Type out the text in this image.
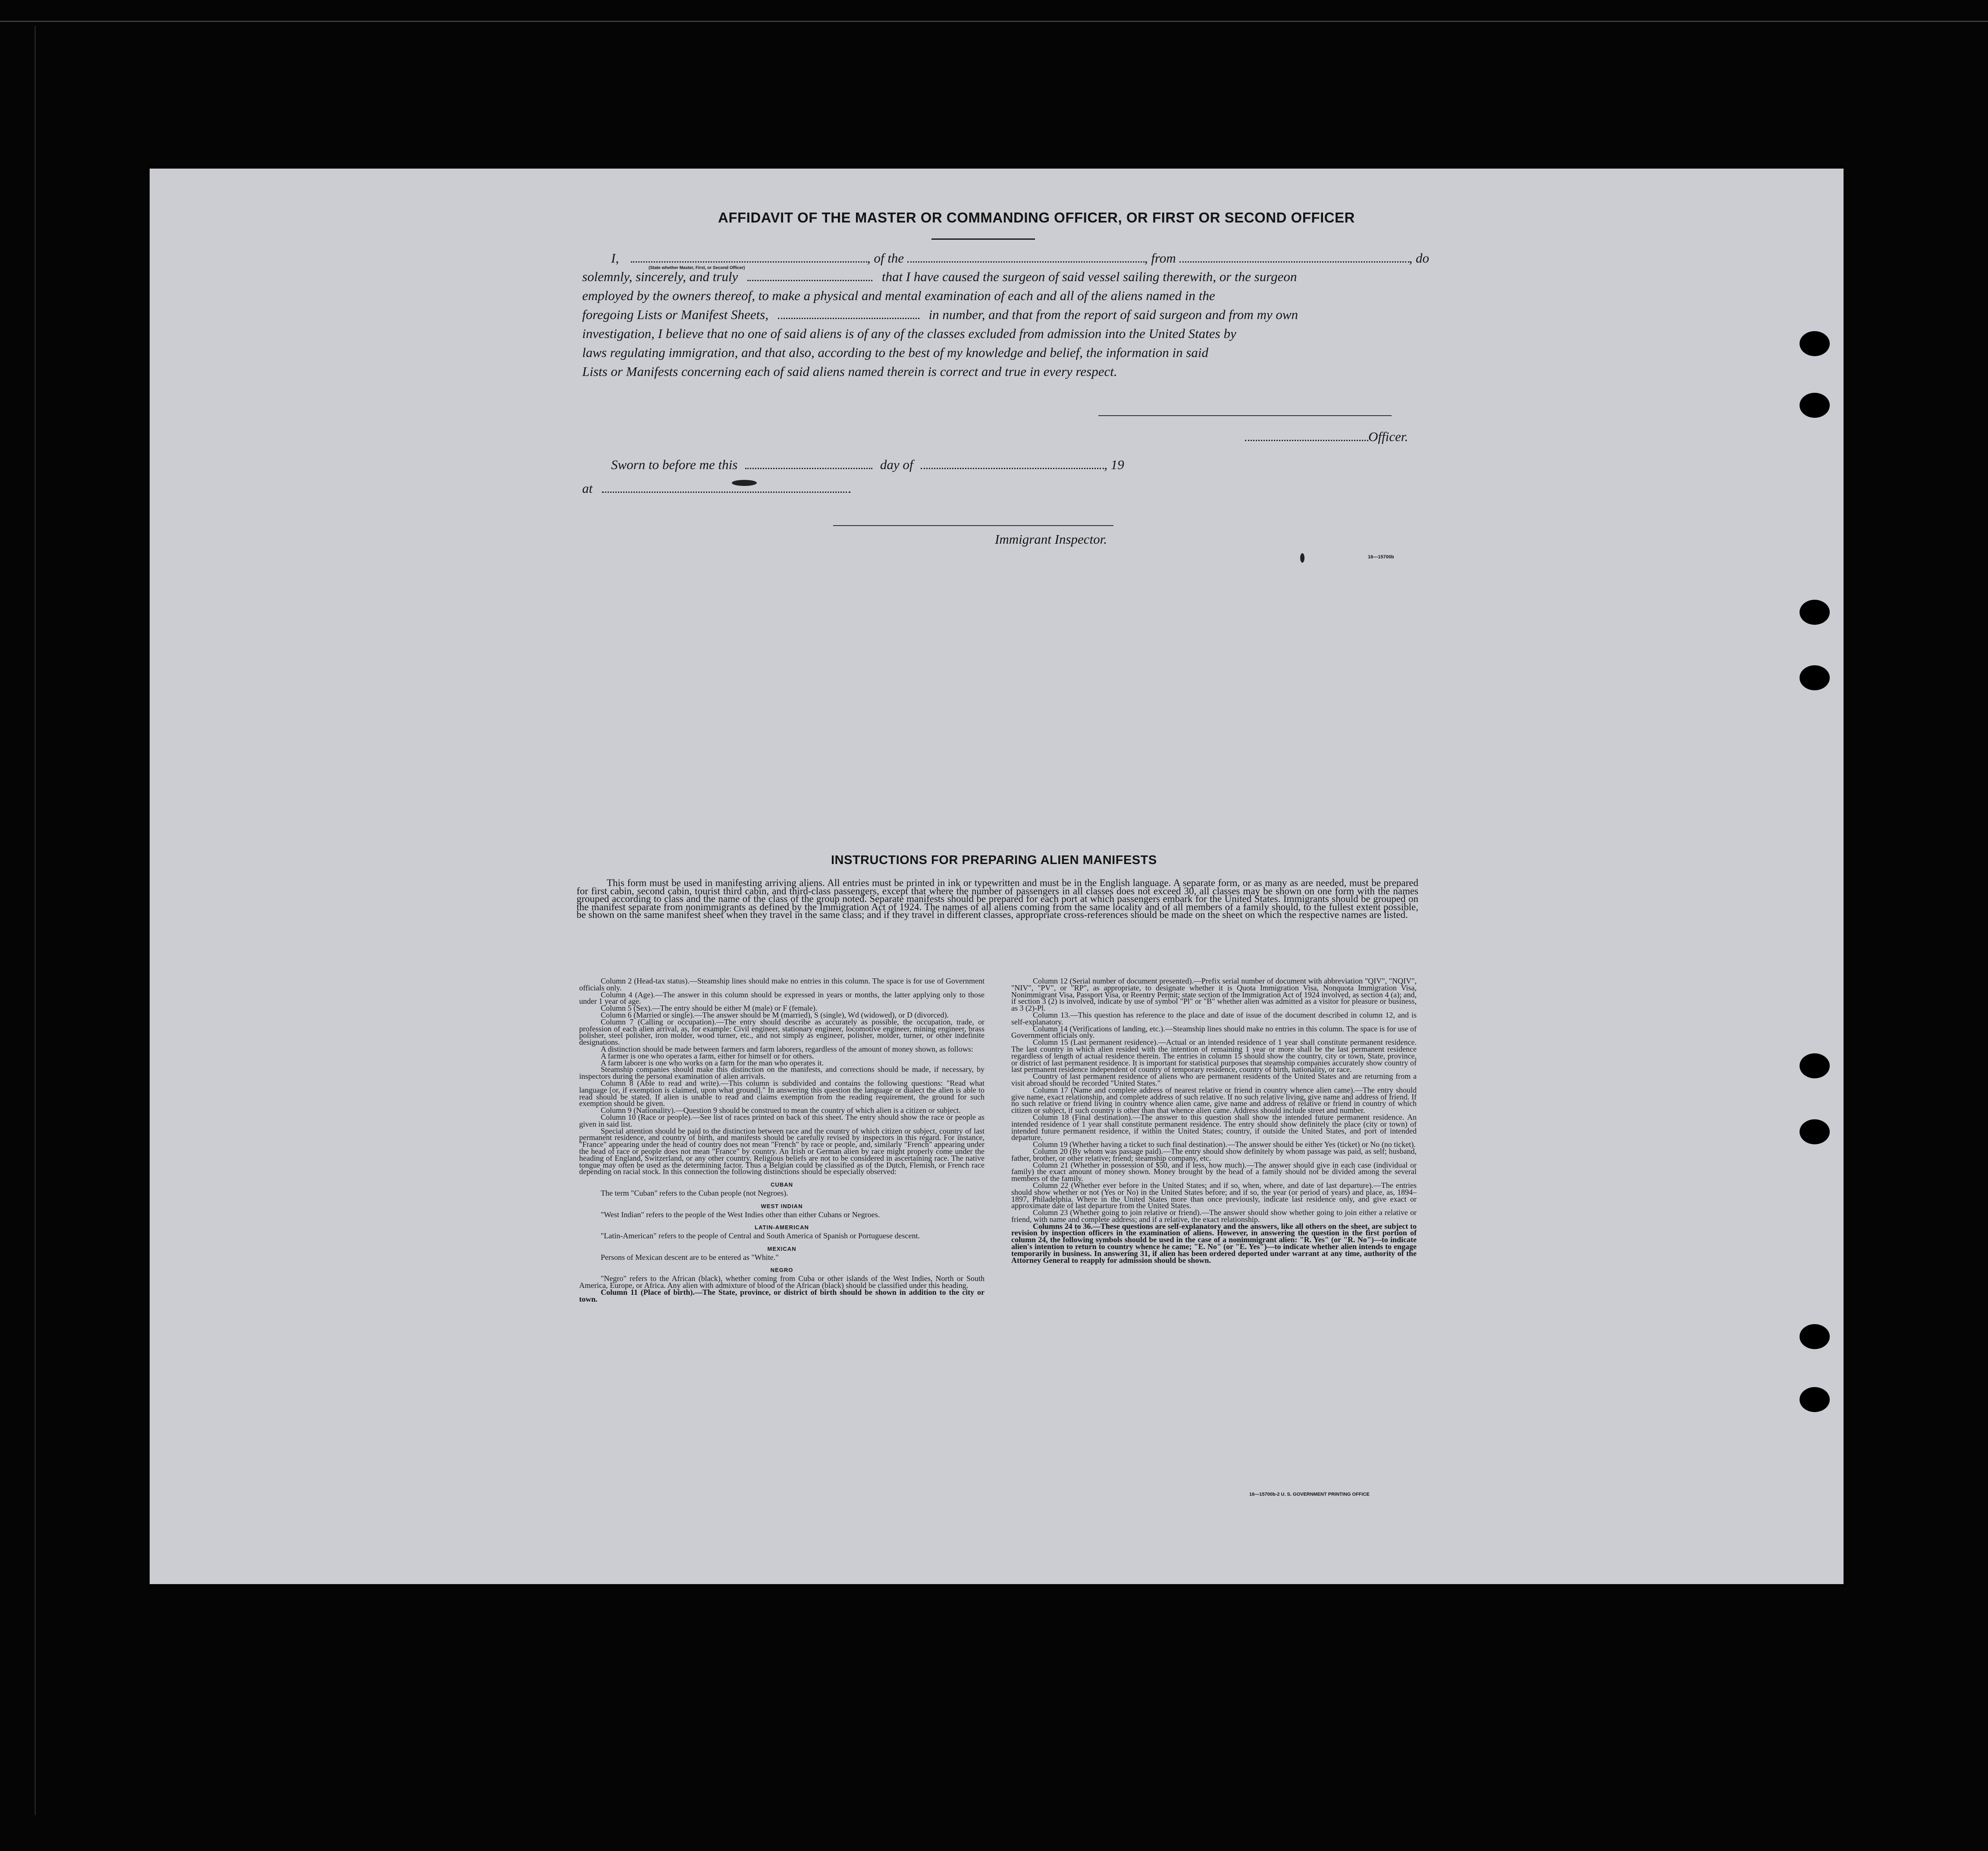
AFFIDAVIT OF THE MASTER OR COMMANDING OFFICER, OR FIRST OR SECOND OFFICER
I,	, of the	, from	, do
(State whether Master, First, or Second Officer)
solemnly, sincerely, and truly	that I have caused the surgeon of said vessel sailing therewith, or the surgeon
employed by the owners thereof, to make a physical and mental examination of each and all of the aliens named in the
foregoing Lists or Manifest Sheets,	in number, and that from the report of said surgeon and from my own
investigation, I believe that no one of said aliens is of any of the classes excluded from admission into the United States by
laws regulating immigration, and that also, according to the best of my knowledge and belief, the information in said
Lists or Manifests concerning each of said aliens named therein is correct and true in every respect.
Officer.
Sworn to before me this	day of	, 19
at
Immigrant Inspector.
16—15700b
INSTRUCTIONS FOR PREPARING ALIEN MANIFESTS

This form must be used in manifesting arriving aliens. All entries must be printed in ink or typewritten and must be in the English language. A separate form, or as many as are needed, must be prepared for first cabin, second cabin, tourist third cabin, and third-class passengers, except that where the number of passengers in all classes does not exceed 30, all classes may be shown on one form with the names grouped according to class and the name of the class of the group noted. Separate manifests should be prepared for each port at which passengers embark for the United States. Immigrants should be grouped on the manifest separate from nonimmigrants as defined by the Immigration Act of 1924. The names of all aliens coming from the same locality and of all members of a family should, to the fullest extent possible, be shown on the same manifest sheet when they travel in the same class; and if they travel in different classes, appropriate cross-references should be made on the sheet on which the respective names are listed.

Column 2 (Head-tax status).—Steamship lines should make no entries in this column. The space is for use of Government officials only.

Column 4 (Age).—The answer in this column should be expressed in years or months, the latter applying only to those under 1 year of age.

Column 5 (Sex).—The entry should be either M (male) or F (female).

Column 6 (Married or single).—The answer should be M (married), S (single), Wd (widowed), or D (divorced).

Column 7 (Calling or occupation).—The entry should describe as accurately as possible, the occupation, trade, or profession of each alien arrival, as, for example: Civil engineer, stationary engineer, locomotive engineer, mining engineer, brass polisher, steel polisher, iron molder, wood turner, etc., and not simply as engineer, polisher, molder, turner, or other indefinite designations.

A distinction should be made between farmers and farm laborers, regardless of the amount of money shown, as follows:

A farmer is one who operates a farm, either for himself or for others.

A farm laborer is one who works on a farm for the man who operates it.

Steamship companies should make this distinction on the manifests, and corrections should be made, if necessary, by inspectors during the personal examination of alien arrivals.

Column 8 (Able to read and write).—This column is subdivided and contains the following questions: "Read what language [or, if exemption is claimed, upon what ground]." In answering this question the language or dialect the alien is able to read should be stated. If alien is unable to read and claims exemption from the reading requirement, the ground for such exemption should be given.

Column 9 (Nationality).—Question 9 should be construed to mean the country of which alien is a citizen or subject.

Column 10 (Race or people).—See list of races printed on back of this sheet. The entry should show the race or people as given in said list.

Special attention should be paid to the distinction between race and the country of which citizen or subject, country of last permanent residence, and country of birth, and manifests should be carefully revised by inspectors in this regard. For instance, "France" appearing under the head of country does not mean "French" by race or people, and, similarly "French" appearing under the head of race or people does not mean "France" by country. An Irish or German alien by race might properly come under the heading of England, Switzerland, or any other country. Religious beliefs are not to be considered in ascertaining race. The native tongue may often be used as the determining factor. Thus a Belgian could be classified as of the Dutch, Flemish, or French race depending on racial stock. In this connection the following distinctions should be especially observed:

CUBAN

The term "Cuban" refers to the Cuban people (not Negroes).

WEST INDIAN

"West Indian" refers to the people of the West Indies other than either Cubans or Negroes.

LATIN-AMERICAN

"Latin-American" refers to the people of Central and South America of Spanish or Portuguese descent.

MEXICAN

Persons of Mexican descent are to be entered as "White."

NEGRO

"Negro" refers to the African (black), whether coming from Cuba or other islands of the West Indies, North or South America, Europe, or Africa. Any alien with admixture of blood of the African (black) should be classified under this heading.

Column 11 (Place of birth).—The State, province, or district of birth should be shown in addition to the city or town.

Column 12 (Serial number of document presented).—Prefix serial number of document with abbreviation "QIV", "NQIV", "NIV", "PV", or "RP", as appropriate, to designate whether it is Quota Immigration Visa, Nonquota Immigration Visa, Nonimmigrant Visa, Passport Visa, or Reentry Permit; state section of the Immigration Act of 1924 involved, as section 4 (a); and, if section 3 (2) is involved, indicate by use of symbol "Pl" or "B" whether alien was admitted as a visitor for pleasure or business, as 3 (2)-Pl.

Column 13.—This question has reference to the place and date of issue of the document described in column 12, and is self-explanatory.

Column 14 (Verifications of landing, etc.).—Steamship lines should make no entries in this column. The space is for use of Government officials only.

Column 15 (Last permanent residence).—Actual or an intended residence of 1 year shall constitute permanent residence. The last country in which alien resided with the intention of remaining 1 year or more shall be the last permanent residence regardless of length of actual residence therein. The entries in column 15 should show the country, city or town, State, province, or district of last permanent residence. It is important for statistical purposes that steamship companies accurately show country of last permanent residence independent of country of temporary residence, country of birth, nationality, or race.

Country of last permanent residence of aliens who are permanent residents of the United States and are returning from a visit abroad should be recorded "United States."

Column 17 (Name and complete address of nearest relative or friend in country whence alien came).—The entry should give name, exact relationship, and complete address of such relative. If no such relative living, give name and address of friend. If no such relative or friend living in country whence alien came, give name and address of relative or friend in country of which citizen or subject, if such country is other than that whence alien came. Address should include street and number.

Column 18 (Final destination).—The answer to this question shall show the intended future permanent residence. An intended residence of 1 year shall constitute permanent residence. The entry should show definitely the place (city or town) of intended future permanent residence, if within the United States; country, if outside the United States, and port of intended departure.

Column 19 (Whether having a ticket to such final destination).—The answer should be either Yes (ticket) or No (no ticket).

Column 20 (By whom was passage paid).—The entry should show definitely by whom passage was paid, as self; husband, father, brother, or other relative; friend; steamship company, etc.

Column 21 (Whether in possession of $50, and if less, how much).—The answer should give in each case (individual or family) the exact amount of money shown. Money brought by the head of a family should not be divided among the several members of the family.

Column 22 (Whether ever before in the United States; and if so, when, where, and date of last departure).—The entries should show whether or not (Yes or No) in the United States before; and if so, the year (or period of years) and place, as, 1894–1897, Philadelphia. Where in the United States more than once previously, indicate last residence only, and give exact or approximate date of last departure from the United States.

Column 23 (Whether going to join relative or friend).—The answer should show whether going to join either a relative or friend, with name and complete address; and if a relative, the exact relationship.

Columns 24 to 36.—These questions are self-explanatory and the answers, like all others on the sheet, are subject to revision by inspection officers in the examination of aliens. However, in answering the question in the first portion of column 24, the following symbols should be used in the case of a nonimmigrant alien: "R. Yes" (or "R. No")—to indicate alien's intention to return to country whence he came; "E. No" (or "E. Yes")—to indicate whether alien intends to engage temporarily in business. In answering 31, if alien has been ordered deported under warrant at any time, authority of the Attorney General to reapply for admission should be shown.

16—15700b-2 U. S. GOVERNMENT PRINTING OFFICE
